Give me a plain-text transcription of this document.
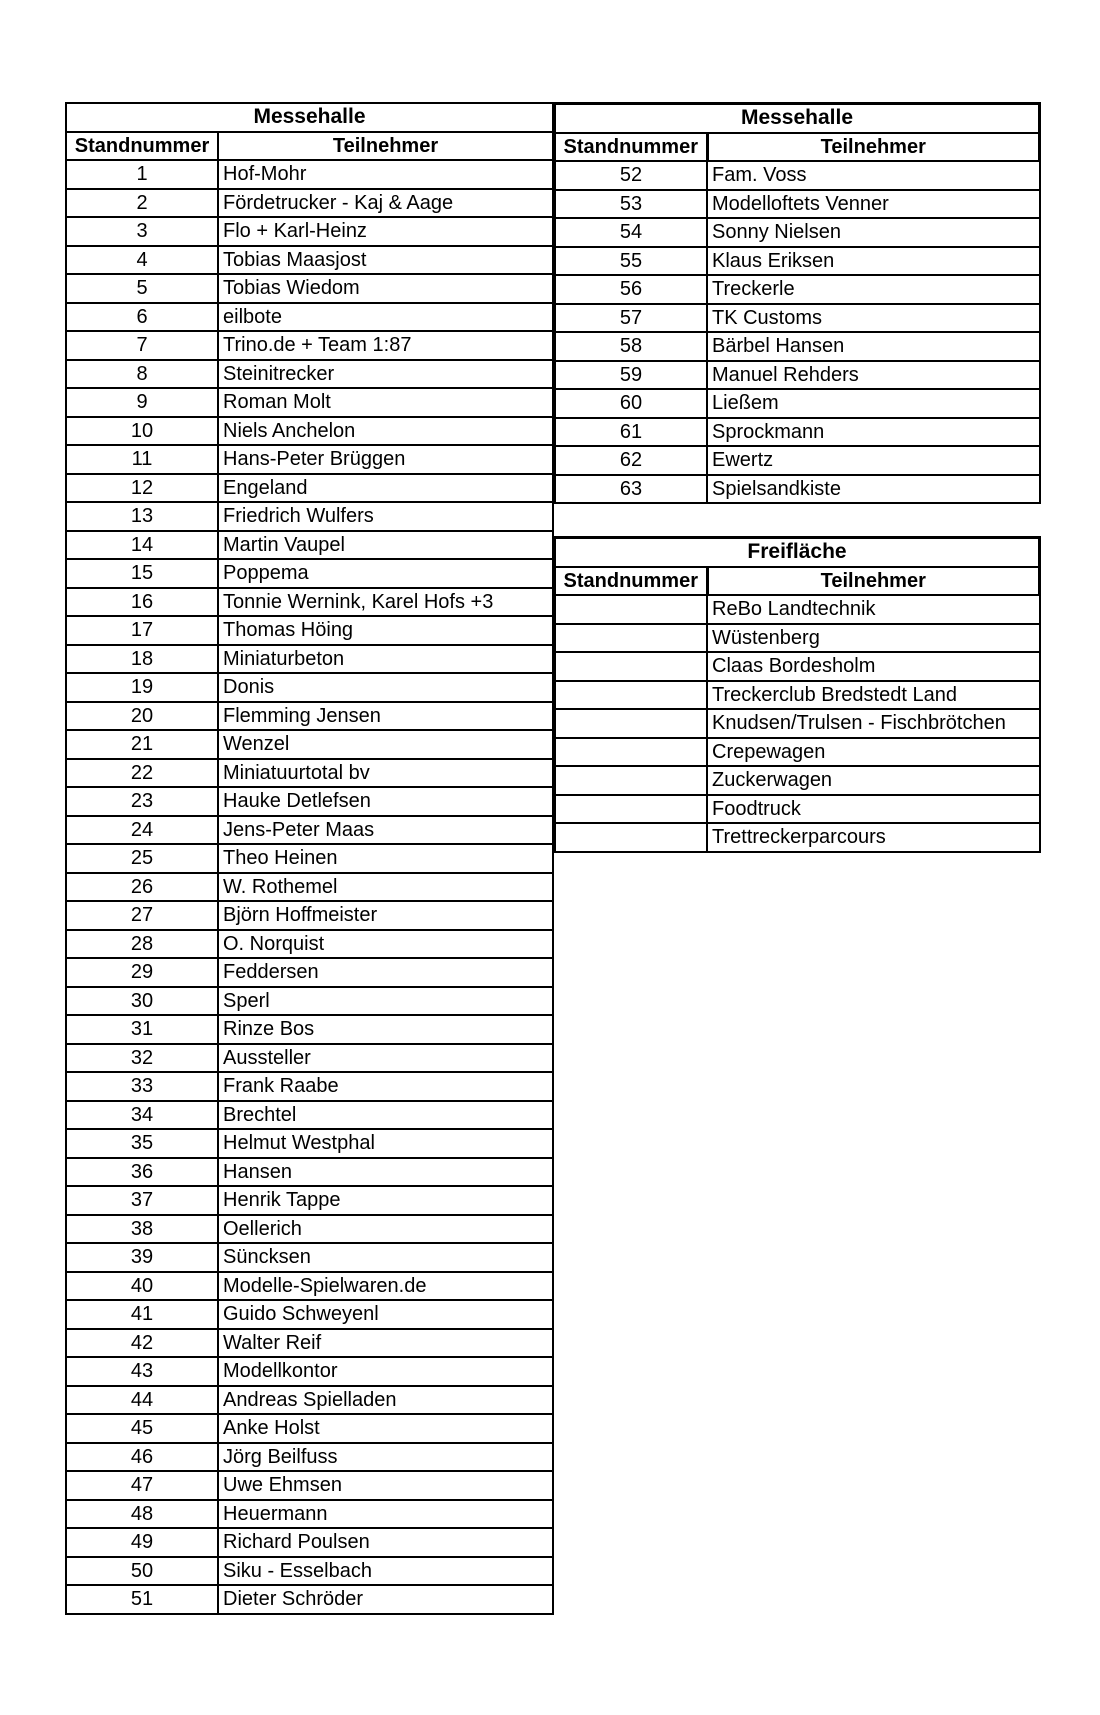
Messehalle	
Standnummer	Teilnehmer
1	Hof-Mohr
2	Fördetrucker - Kaj & Aage
3	Flo + Karl-Heinz
4	Tobias Maasjost
5	Tobias Wiedom
6	eilbote
7	Trino.de + Team 1:87
8	Steinitrecker
9	Roman Molt
10	Niels Anchelon
11	Hans-Peter Brüggen
12	Engeland
13	Friedrich Wulfers
14	Martin Vaupel
15	Poppema
16	Tonnie Wernink, Karel Hofs +3
17	Thomas Höing
18	Miniaturbeton
19	Donis
20	Flemming Jensen
21	Wenzel
22	Miniatuurtotal bv
23	Hauke Detlefsen
24	Jens-Peter Maas
25	Theo Heinen
26	W. Rothemel
27	Björn Hoffmeister
28	O. Norquist
29	Feddersen
30	Sperl
31	Rinze Bos
32	Aussteller
33	Frank Raabe
34	Brechtel
35	Helmut Westphal
36	Hansen
37	Henrik Tappe
38	Oellerich
39	Süncksen
40	Modelle-Spielwaren.de
41	Guido Schweyenl
42	Walter Reif
43	Modellkontor
44	Andreas Spielladen
45	Anke Holst
46	Jörg Beilfuss
47	Uwe Ehmsen
48	Heuermann
49	Richard Poulsen
50	Siku - Esselbach
51	Dieter Schröder
Messehalle	
Standnummer	Teilnehmer
52	Fam. Voss
53	Modelloftets Venner
54	Sonny Nielsen
55	Klaus Eriksen
56	Treckerle
57	TK Customs
58	Bärbel Hansen
59	Manuel Rehders
60	Ließem
61	Sprockmann
62	Ewertz
63	Spielsandkiste
Freifläche	
Standnummer	Teilnehmer
	ReBo Landtechnik
	Wüstenberg
	Claas Bordesholm
	Treckerclub Bredstedt Land
	Knudsen/Trulsen - Fischbrötchen
	Crepewagen
	Zuckerwagen
	Foodtruck
	Trettreckerparcours
